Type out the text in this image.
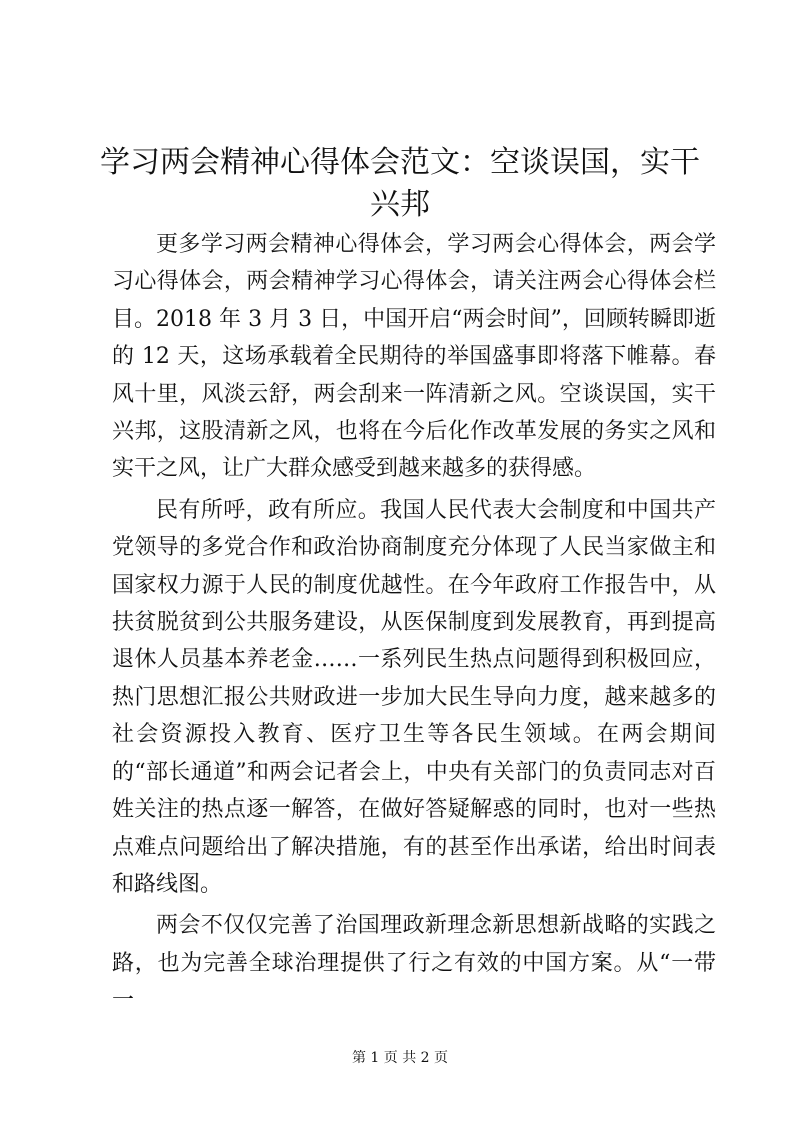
学习两会精神心得体会范文：空谈误国，实干兴邦

更多学习两会精神心得体会，学习两会心得体会，两会学习心得体会，两会精神学习心得体会，请关注两会心得体会栏目。2018 年 3 月 3 日，中国开启“两会时间”，回顾转瞬即逝的 12 天，这场承载着全民期待的举国盛事即将落下帷幕。春风十里，风淡云舒，两会刮来一阵清新之风。空谈误国，实干兴邦，这股清新之风，也将在今后化作改革发展的务实之风和实干之风，让广大群众感受到越来越多的获得感。

民有所呼，政有所应。我国人民代表大会制度和中国共产党领导的多党合作和政治协商制度充分体现了人民当家做主和国家权力源于人民的制度优越性。在今年政府工作报告中，从扶贫脱贫到公共服务建设，从医保制度到发展教育，再到提高退休人员基本养老金……一系列民生热点问题得到积极回应，热门思想汇报公共财政进一步加大民生导向力度，越来越多的社会资源投入教育、医疗卫生等各民生领域。在两会期间的“部长通道”和两会记者会上，中央有关部门的负责同志对百姓关注的热点逐一解答，在做好答疑解惑的同时，也对一些热点难点问题给出了解决措施，有的甚至作出承诺，给出时间表和路线图。

两会不仅仅完善了治国理政新理念新思想新战略的实践之路，也为完善全球治理提供了行之有效的中国方案。从“一带一

第 1 页 共 2 页
